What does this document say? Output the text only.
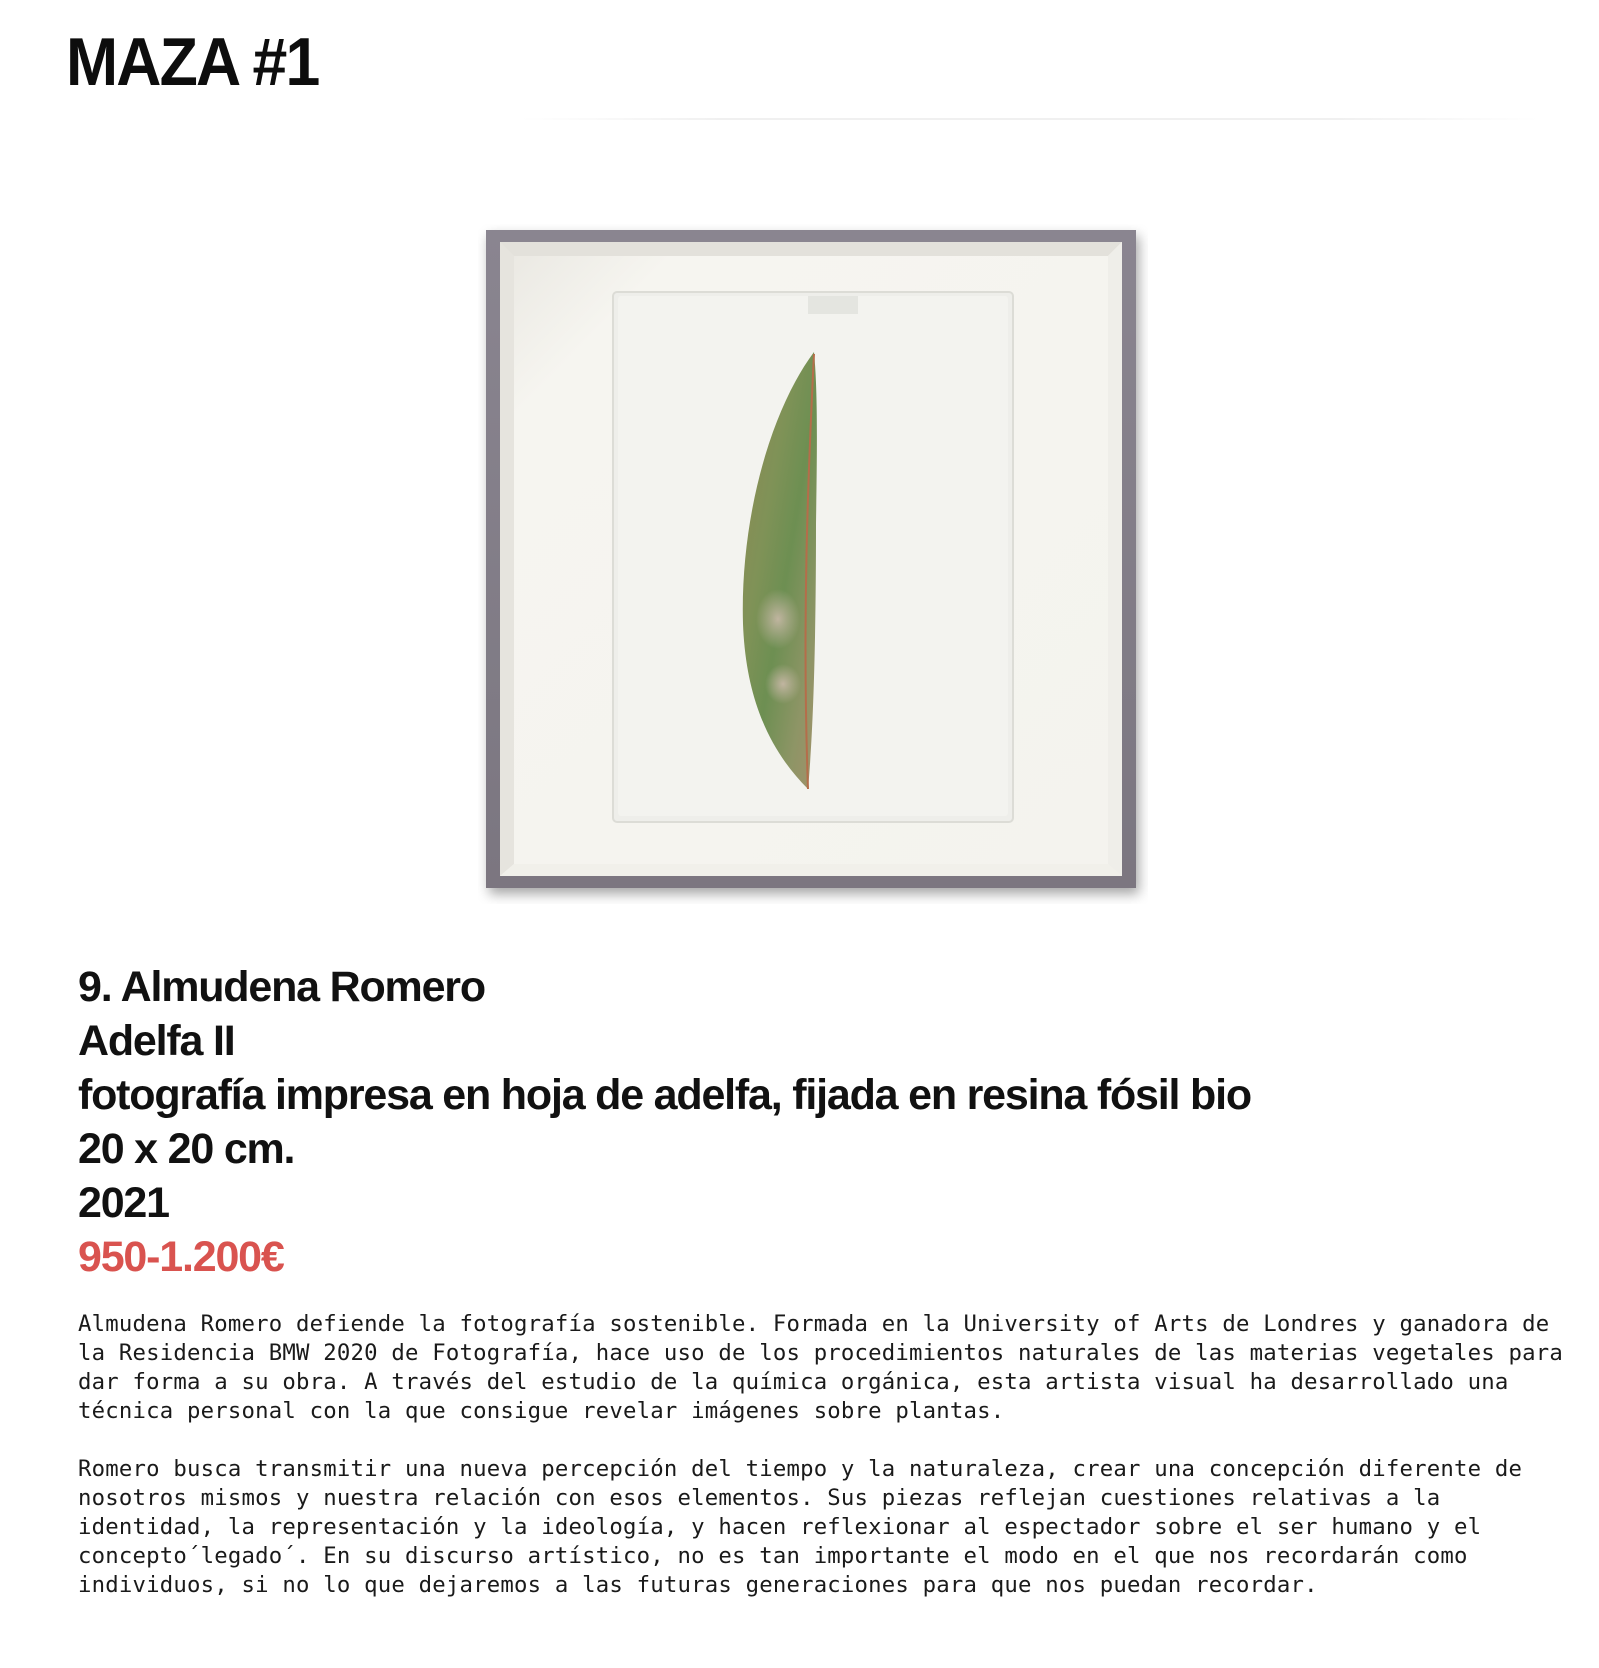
MAZA #1
9. Almudena Romero
Adelfa II
fotografía impresa en hoja de adelfa, fijada en resina fósil bio
20 x 20 cm.
2021
950-1.200€

Almudena Romero defiende la fotografía sostenible. Formada en la University of Arts de Londres y ganadora de la Residencia BMW 2020 de Fotografía, hace uso de los procedimientos naturales de las materias vegetales para dar forma a su obra. A través del estudio de la química orgánica, esta artista visual ha desarrollado una técnica personal con la que consigue revelar imágenes sobre plantas.

Romero busca transmitir una nueva percepción del tiempo y la naturaleza, crear una concepción diferente de nosotros mismos y nuestra relación con esos elementos. Sus piezas reflejan cuestiones relativas a la identidad, la representación y la ideología, y hacen reflexionar al espectador sobre el ser humano y el concepto´legado´. En su discurso artístico, no es tan importante el modo en el que nos recordarán como individuos, si no lo que dejaremos a las futuras generaciones para que nos puedan recordar.
